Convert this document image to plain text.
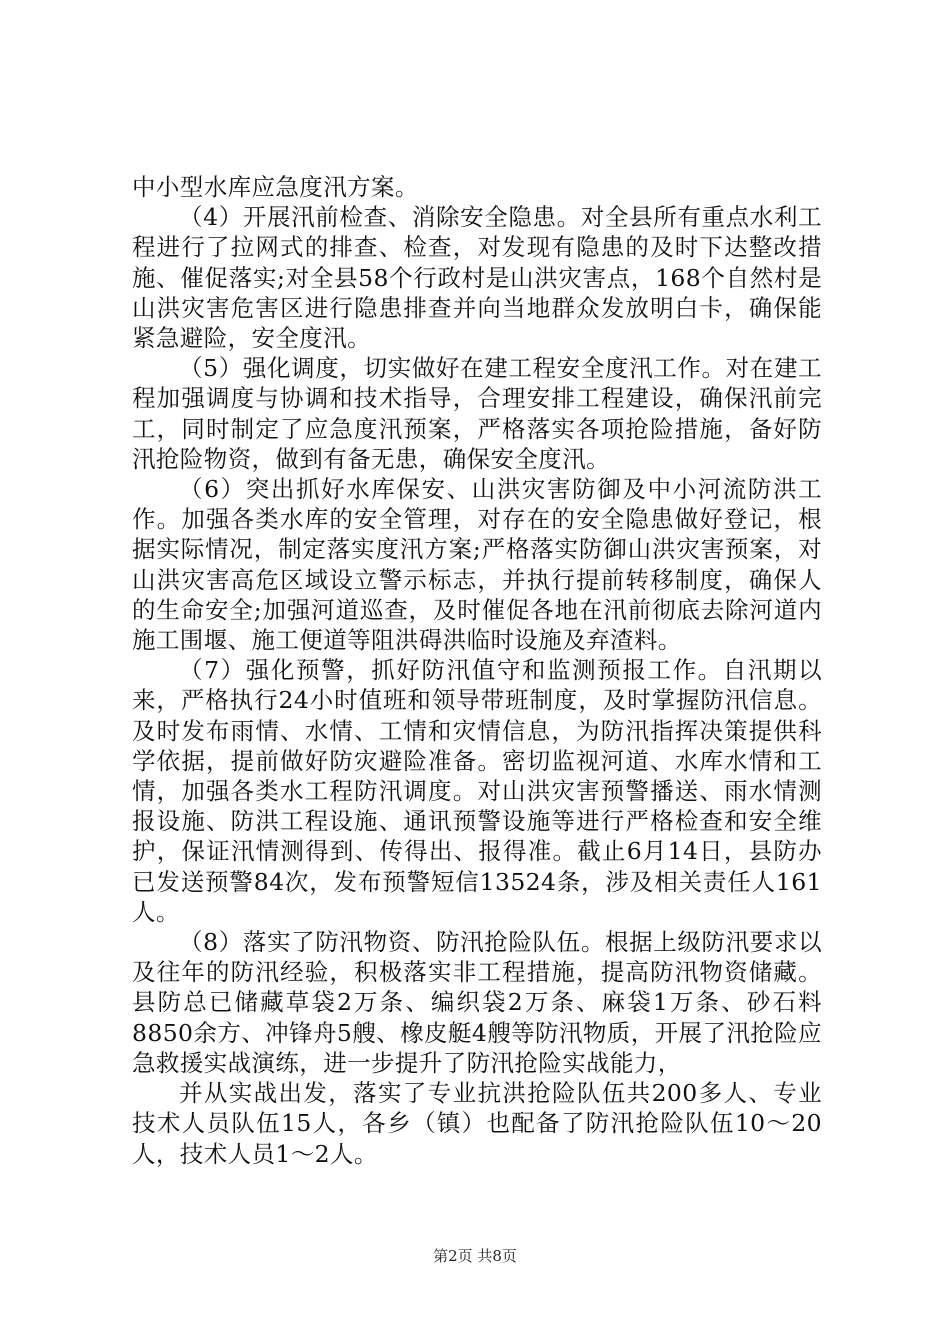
中小型水库应急度汛方案。

（4）开展汛前检查、消除安全隐患。对全县所有重点水利工程进行了拉网式的排查、检查，对发现有隐患的及时下达整改措施、催促落实;对全县58个行政村是山洪灾害点，168个自然村是山洪灾害危害区进行隐患排查并向当地群众发放明白卡，确保能紧急避险，安全度汛。

（5）强化调度，切实做好在建工程安全度汛工作。对在建工程加强调度与协调和技术指导，合理安排工程建设，确保汛前完工，同时制定了应急度汛预案，严格落实各项抢险措施，备好防汛抢险物资，做到有备无患，确保安全度汛。

（6）突出抓好水库保安、山洪灾害防御及中小河流防洪工作。加强各类水库的安全管理，对存在的安全隐患做好登记，根据实际情况，制定落实度汛方案;严格落实防御山洪灾害预案，对山洪灾害高危区域设立警示标志，并执行提前转移制度，确保人的生命安全;加强河道巡查，及时催促各地在汛前彻底去除河道内施工围堰、施工便道等阻洪碍洪临时设施及弃渣料。

（7）强化预警，抓好防汛值守和监测预报工作。自汛期以来，严格执行24小时值班和领导带班制度，及时掌握防汛信息。及时发布雨情、水情、工情和灾情信息，为防汛指挥决策提供科学依据，提前做好防灾避险准备。密切监视河道、水库水情和工情，加强各类水工程防汛调度。对山洪灾害预警播送、雨水情测报设施、防洪工程设施、通讯预警设施等进行严格检查和安全维护，保证汛情测得到、传得出、报得准。截止6月14日，县防办已发送预警84次，发布预警短信13524条，涉及相关责任人161人。

（8）落实了防汛物资、防汛抢险队伍。根据上级防汛要求以及往年的防汛经验，积极落实非工程措施，提高防汛物资储藏。县防总已储藏草袋2万条、编织袋2万条、麻袋1万条、砂石料8850余方、冲锋舟5艘、橡皮艇4艘等防汛物质，开展了汛抢险应急救援实战演练，进一步提升了防汛抢险实战能力，

并从实战出发，落实了专业抗洪抢险队伍共200多人、专业技术人员队伍15人，各乡（镇）也配备了防汛抢险队伍10～20人，技术人员1～2人。

第2页 共8页
